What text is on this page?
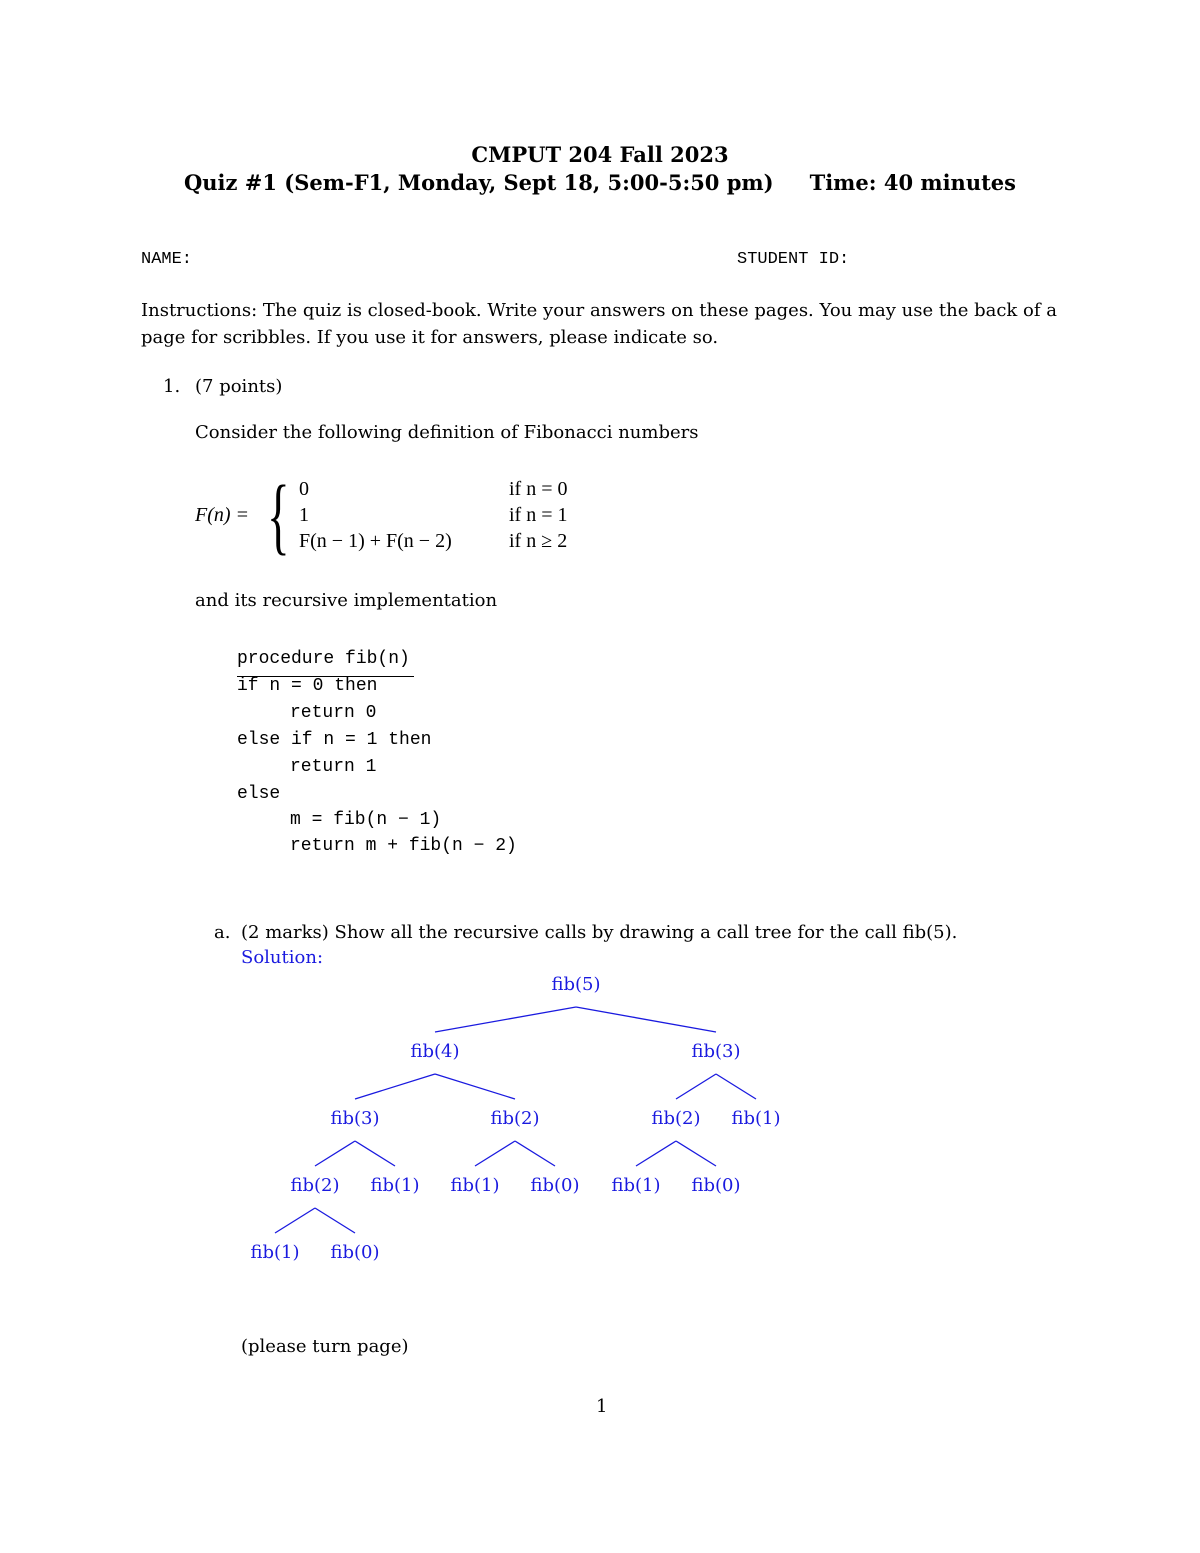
CMPUT 204 Fall 2023
Quiz #1 (Sem-F1, Monday, Sept 18, 5:00-5:50 pm) Time: 40 minutes
NAME:	STUDENT ID:
Instructions: The quiz is closed-book. Write your answers on these pages. You may use the back of a page for scribbles. If you use it for answers, please indicate so.
1. (7 points)
Consider the following definition of Fibonacci numbers
F(n) = { 0	if n = 0
1	if n = 1
F(n − 1) + F(n − 2)	if n ≥ 2
and its recursive implementation
procedure fib(n)
if n = 0 then
return 0
else if n = 1 then
return 1
else
m = fib(n − 1)
return m + fib(n − 2)
a. (2 marks) Show all the recursive calls by drawing a call tree for the call fib(5).
Solution:
fib(5)
fib(4)	fib(3)
fib(3)	fib(2)	fib(2) fib(1)
fib(2) fib(1) fib(1) fib(0) fib(1) fib(0)
fib(1) fib(0)
(please turn page)
1
